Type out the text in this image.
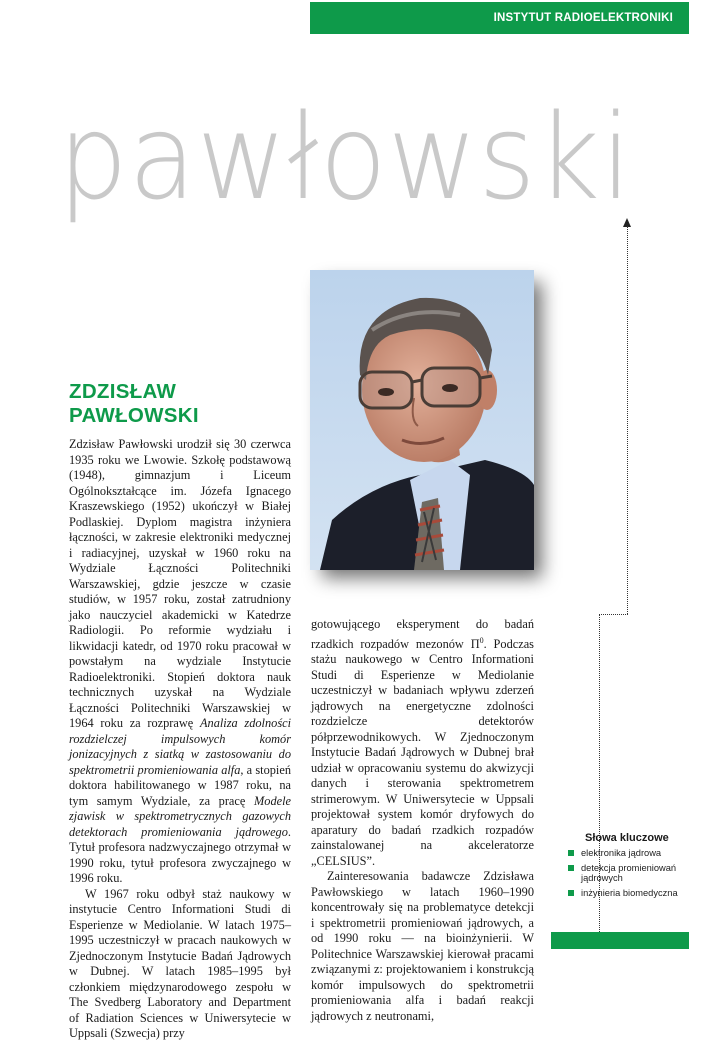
INSTYTUT RADIOELEKTRONIKI
pawłowski
ZDZISŁAW
PAWŁOWSKI

Zdzisław Pawłowski urodził się 30 czerwca 1935 roku we Lwowie. Szkołę podstawową (1948), gimnazjum i Liceum Ogólnokształcące im. Józefa Ignacego Kraszewskiego (1952) ukończył w Białej Podlaskiej. Dyplom magistra inżyniera łączności, w zakresie elektroniki medycznej i radiacyjnej, uzyskał w 1960 roku na Wydziale Łączności Politechniki Warszawskiej, gdzie jeszcze w czasie studiów, w 1957 roku, został zatrudniony jako nauczyciel akademicki w Katedrze Radiologii. Po reformie wydziału i likwidacji katedr, od 1970 roku pracował w powstałym na wydziale Instytucie Radioelektroniki. Stopień doktora nauk technicznych uzyskał na Wydziale Łączności Politechniki Warszawskiej w 1964 roku za rozprawę Analiza zdolności rozdzielczej impulsowych komór jonizacyjnych z siatką w zastosowaniu do spektrometrii promieniowania alfa, a stopień doktora habilitowanego w 1987 roku, na tym samym Wydziale, za pracę Modele zjawisk w spektrometrycznych gazowych detektorach promieniowania jądrowego. Tytuł profesora nadzwyczajnego otrzymał w 1990 roku, tytuł profesora zwyczajnego w 1996 roku.

W 1967 roku odbył staż naukowy w instytucie Centro Informationi Studi di Esperienze w Mediolanie. W latach 1975–1995 uczestniczył w pracach naukowych w Zjednoczonym Instytucie Badań Jądrowych w Dubnej. W latach 1985–1995 był członkiem międzynarodowego zespołu w The Svedberg Laboratory and Department of Radiation Sciences w Uniwersytecie w Uppsali (Szwecja) przy

gotowującego eksperyment do badań rzadkich rozpadów mezonów $\Pi^0$. Podczas stażu naukowego w Centro Informationi Studi di Esperienze w Mediolanie uczestniczył w badaniach wpływu zderzeń jądrowych na energetyczne zdolności rozdzielcze detektorów półprzewodnikowych. W Zjednoczonym Instytucie Badań Jądrowych w Dubnej brał udział w opracowaniu systemu do akwizycji danych i sterowania spektrometrem strimerowym. W Uniwersytecie w Uppsali projektował system komór dryfowych do aparatury do badań rzadkich rozpadów zainstalowanej	na akceleratorze „CELSIUS”.

Zainteresowania badawcze Zdzisława Pawłowskiego w latach 1960–1990 koncentrowały się na problematyce detekcji i spektrometrii promieniowań jądrowych, a od 1990 roku — na bioinżynierii. W Politechnice Warszawskiej kierował pracami związanymi z: projektowaniem i konstrukcją komór impulsowych do spektrometrii promieniowania alfa i badań reakcji jądrowych z neutronami,

Słowa kluczowe
elektronika jądrowa
detekcja promieniowań jądrowych
inżynieria biomedyczna
